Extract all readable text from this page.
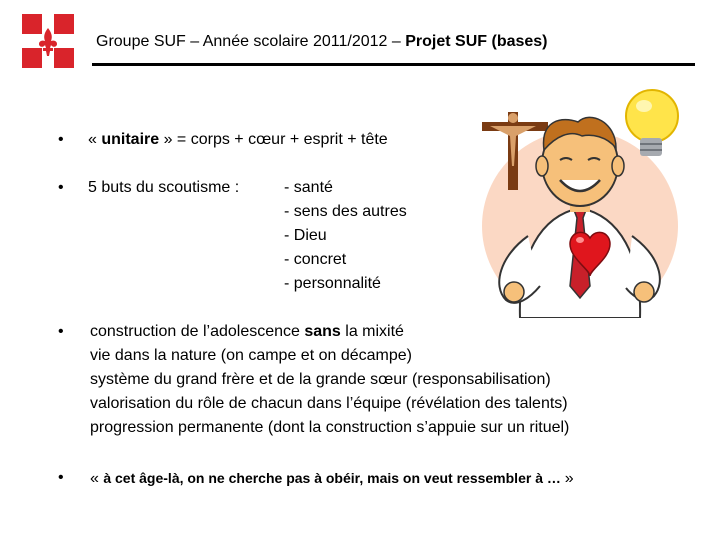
Groupe SUF – Année scolaire 2011/2012 – Projet SUF (bases)
• « unitaire » = corps + cœur + esprit + tête
• 5 buts du scoutisme :	- santé
- sens des autres
- Dieu
- concret
- personnalité
• construction de l’adolescence sans la mixité
vie dans la nature (on campe et on décampe)
système du grand frère et de la grande sœur (responsabilisation)
valorisation du rôle de chacun dans l’équipe (révélation des talents)
progression permanente (dont la construction s’appuie sur un rituel)
• « à cet âge-là, on ne cherche pas à obéir, mais on veut ressembler à … »
